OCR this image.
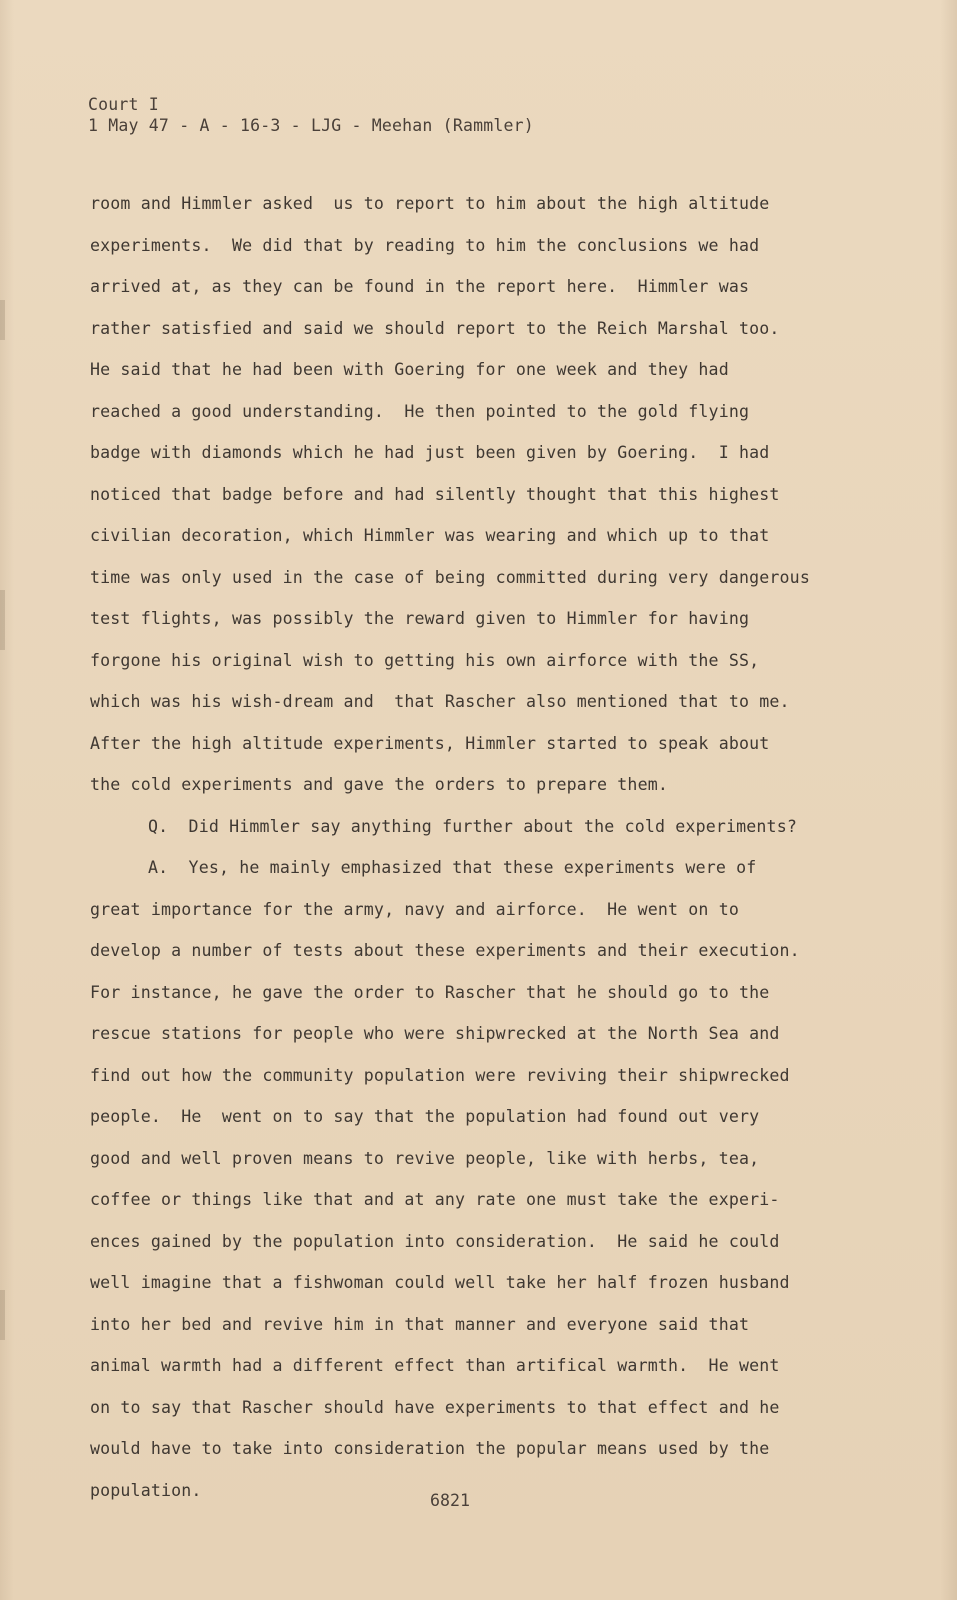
Court I
1 May 47 - A - 16-3 - LJG - Meehan (Rammler)
room and Himmler asked  us to report to him about the high altitude
experiments.  We did that by reading to him the conclusions we had
arrived at, as they can be found in the report here.  Himmler was
rather satisfied and said we should report to the Reich Marshal too.
He said that he had been with Goering for one week and they had
reached a good understanding.  He then pointed to the gold flying
badge with diamonds which he had just been given by Goering.  I had
noticed that badge before and had silently thought that this highest
civilian decoration, which Himmler was wearing and which up to that
time was only used in the case of being committed during very dangerous
test flights, was possibly the reward given to Himmler for having
forgone his original wish to getting his own airforce with the SS,
which was his wish-dream and  that Rascher also mentioned that to me.
After the high altitude experiments, Himmler started to speak about
the cold experiments and gave the orders to prepare them.
Q.  Did Himmler say anything further about the cold experiments?
A.  Yes, he mainly emphasized that these experiments were of
great importance for the army, navy and airforce.  He went on to
develop a number of tests about these experiments and their execution.
For instance, he gave the order to Rascher that he should go to the
rescue stations for people who were shipwrecked at the North Sea and
find out how the community population were reviving their shipwrecked
people.  He  went on to say that the population had found out very
good and well proven means to revive people, like with herbs, tea,
coffee or things like that and at any rate one must take the experi-
ences gained by the population into consideration.  He said he could
well imagine that a fishwoman could well take her half frozen husband
into her bed and revive him in that manner and everyone said that
animal warmth had a different effect than artifical warmth.  He went
on to say that Rascher should have experiments to that effect and he
would have to take into consideration the popular means used by the
population.
6821
